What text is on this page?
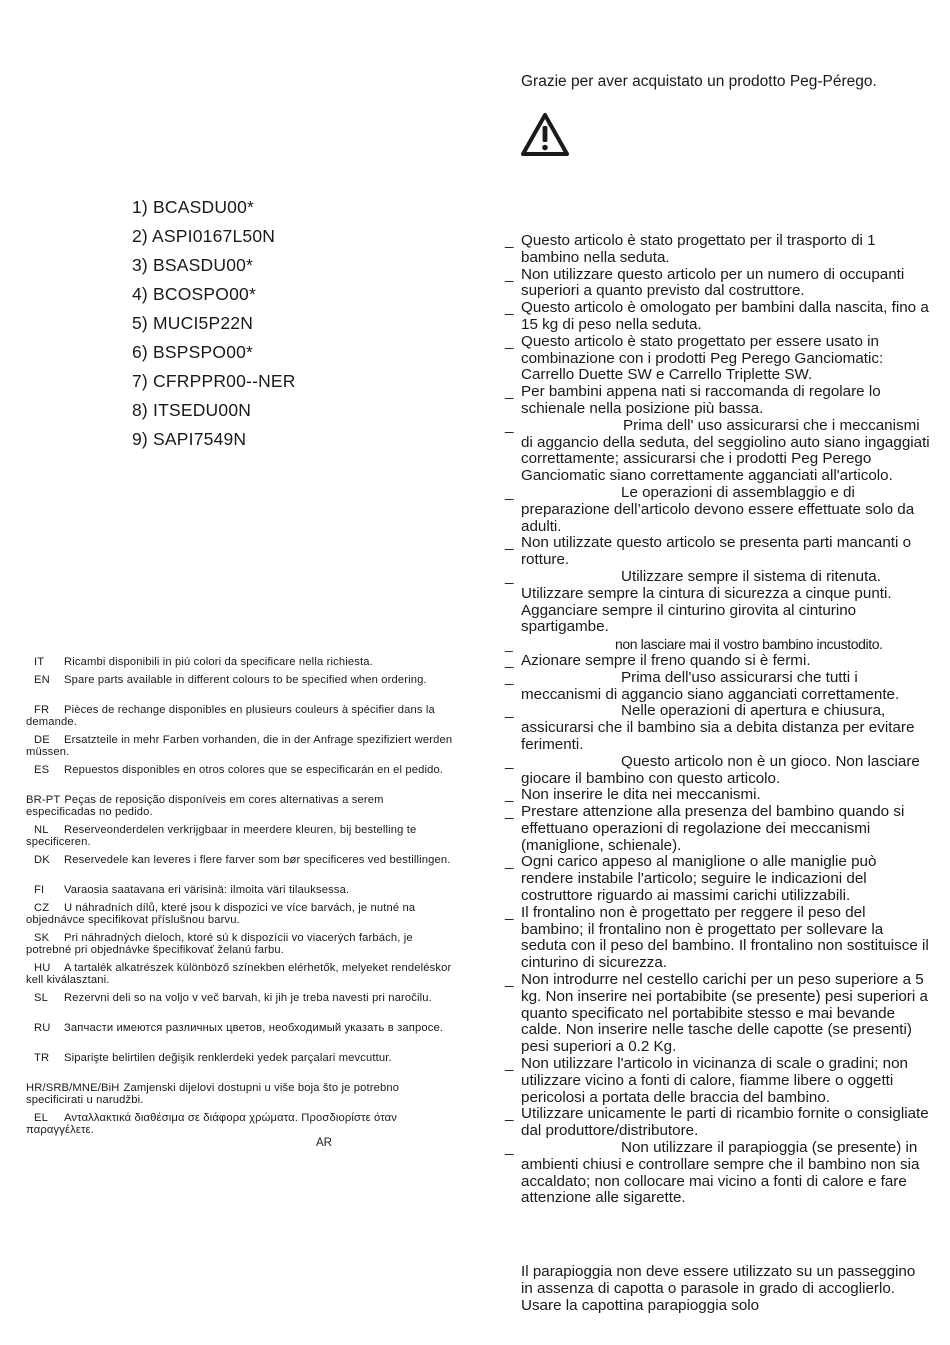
1) BCASDU00*
2) ASPI0167L50N
3) BSASDU00*
4) BCOSPO00*
5) MUCI5P22N
6) BSPSPO00*
7) CFRPPR00--NER
8) ITSEDU00N
9) SAPI7549N
IT Ricambi disponibili in piú colori da specificare nella richiesta.
EN Spare parts available in different colours to be specified when ordering.
FR Pièces de rechange disponibles en plusieurs couleurs à spécifier dans la demande.
DE Ersatzteile in mehr Farben vorhanden, die in der Anfrage spezifiziert werden müssen.
ES Repuestos disponibles en otros colores que se especificarán en el pedido.
BR-PT Peças de reposição disponíveis em cores alternativas a serem especificadas no pedido.
NL Reserveonderdelen verkrijgbaar in meerdere kleuren, bij bestelling te specificeren.
DK Reservedele kan leveres i flere farver som bør specificeres ved bestillingen.
FI Varaosia saatavana eri värisinä: ilmoita väri tilauksessa.
CZ U náhradních dílů, které jsou k dispozici ve více barvách, je nutné na objednávce specifikovat příslušnou barvu.
SK Pri náhradných dieloch, ktoré sú k dispozícii vo viacerých farbách, je potrebné pri objednávke špecifikovať želanú farbu.
HU A tartalék alkatrészek különböző színekben elérhetők, melyeket rendeléskor kell kiválasztani.
SL Rezervni deli so na voljo v več barvah, ki jih je treba navesti pri naročilu.
RU Запчасти имеются различных цветов, необходимый указать в запросе.
TR Siparişte belirtilen değişik renklerdeki yedek parçalari mevcuttur.
HR/SRB/MNE/BiH Zamjenski dijelovi dostupni u više boja što je potrebno specificirati u narudžbi.
EL Ανταλλακτικά διαθέσιμα σε διάφορα χρώματα. Προσδιορίστε όταν παραγγέλετε.
AR
Grazie per aver acquistato un prodotto Peg-Pérego.
_ Questo articolo è stato progettato per il trasporto di 1 bambino nella seduta.
_ Non utilizzare questo articolo per un numero di occupanti superiori a quanto previsto dal costruttore.
_ Questo articolo è omologato per bambini dalla nascita, fino a 15 kg di peso nella seduta.
_ Questo articolo è stato progettato per essere usato in combinazione con i prodotti Peg Perego Ganciomatic: Carrello Duette SW e Carrello Triplette SW.
_ Per bambini appena nati si raccomanda di regolare lo schienale nella posizione più bassa.
_	Prima dell' uso assicurarsi che i meccanismi di aggancio della seduta, del seggiolino auto siano ingaggiati correttamente; assicurarsi che i prodotti Peg Perego Ganciomatic siano correttamente agganciati all'articolo.
_	Le operazioni di assemblaggio e di preparazione dell’articolo devono essere effettuate solo da adulti.
_ Non utilizzate questo articolo se presenta parti mancanti o rotture.
_	Utilizzare sempre il sistema di ritenuta. Utilizzare sempre la cintura di sicurezza a cinque punti. Agganciare sempre il cinturino girovita al cinturino spartigambe.
_	non lasciare mai il vostro bambino incustodito.
_ Azionare sempre il freno quando si è fermi.
_	Prima dell'uso assicurarsi che tutti i meccanismi di aggancio siano agganciati correttamente.
_	Nelle operazioni di apertura e chiusura, assicurarsi che il bambino sia a debita distanza per evitare ferimenti.
_	Questo articolo non è un gioco. Non lasciare giocare il bambino con questo articolo.
_ Non inserire le dita nei meccanismi.
_ Prestare attenzione alla presenza del bambino quando si effettuano operazioni di regolazione dei meccanismi (maniglione, schienale).
_ Ogni carico appeso al maniglione o alle maniglie può rendere instabile l'articolo; seguire le indicazioni del costruttore riguardo ai massimi carichi utilizzabili.
_ Il frontalino non è progettato per reggere il peso del bambino; il frontalino non è progettato per sollevare la seduta con il peso del bambino. Il frontalino non sostituisce il cinturino di sicurezza.
_ Non introdurre nel cestello carichi per un peso superiore a 5 kg. Non inserire nei portabibite (se presente) pesi superiori a quanto specificato nel portabibite stesso e mai bevande calde. Non inserire nelle tasche delle capotte (se presenti) pesi superiori a 0.2 Kg.
_ Non utilizzare l'articolo in vicinanza di scale o gradini; non utilizzare vicino a fonti di calore, fiamme libere o oggetti pericolosi a portata delle braccia del bambino.
_ Utilizzare unicamente le parti di ricambio fornite o consigliate dal produttore/distributore.
_	Non utilizzare il parapioggia (se presente) in ambienti chiusi e controllare sempre che il bambino non sia accaldato; non collocare mai vicino a fonti di calore e fare attenzione alle sigarette.
Il parapioggia non deve essere utilizzato su un passeggino in assenza di capotta o parasole in grado di accoglierlo. Usare la capottina parapioggia solo
